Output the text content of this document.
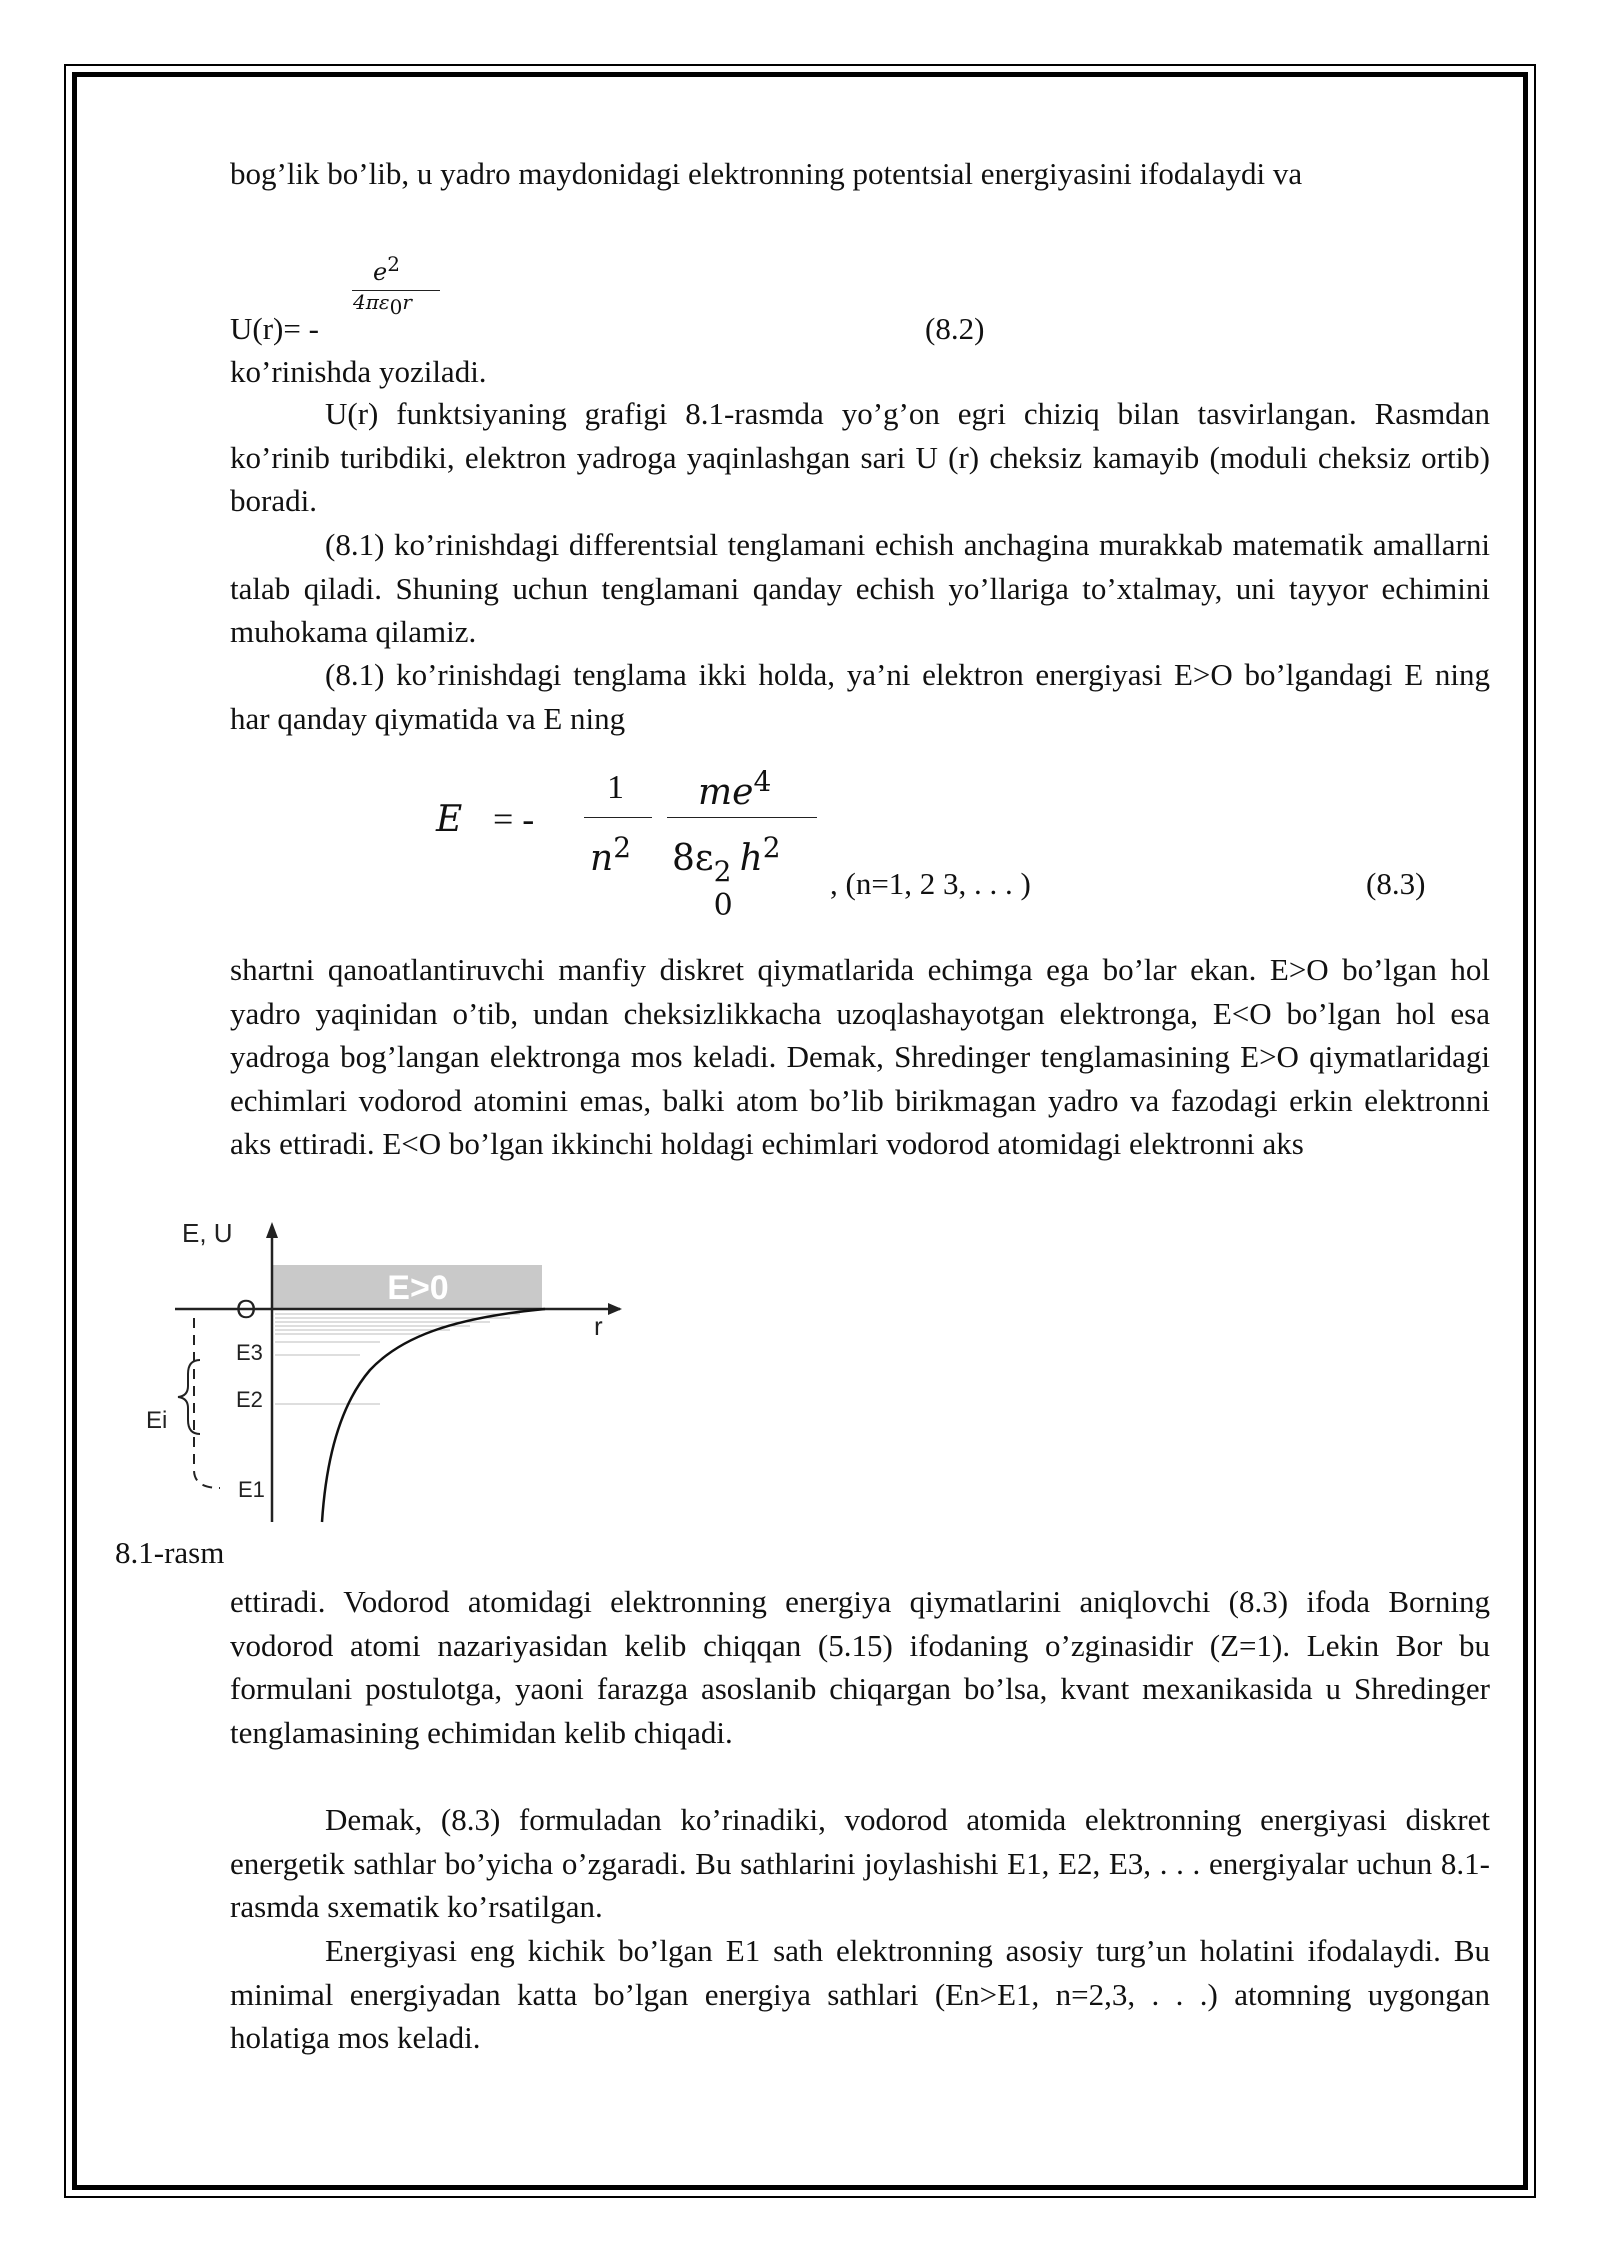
bog’lik bo’lib, u yadro maydonidagi elektronning potentsial energiyasini ifodalaydi va

$e^2$
$4\pi\varepsilon_0r$
U(r)= -	(8.2)
ko’rinishda yoziladi.

U(r) funktsiyaning grafigi 8.1-rasmda yo’g’on egri chiziq bilan tasvirlangan. Rasmdan ko’rinib turibdiki, elektron yadroga yaqinlashgan sari U (r) cheksiz kamayib (moduli cheksiz ortib) boradi.

(8.1) ko’rinishdagi differentsial tenglamani echish anchagina murakkab matematik amallarni talab qiladi. Shuning uchun tenglamani qanday echish yo’llariga to’xtalmay, uni tayyor echimini muhokama qilamiz.

(8.1) ko’rinishdagi tenglama ikki holda, ya’ni elektron energiyasi E>O bo’lgandagi E ning har qanday qiymatida va E ning

E = -
1
$n^2$
$me^4$
8ε 2
0
$h^2$
, (n=1, 2 3, . . . )	(8.3)

shartni qanoatlantiruvchi manfiy diskret qiymatlarida echimga ega bo’lar ekan. E>O bo’lgan hol yadro yaqinidan o’tib, undan cheksizlikkacha uzoqlashayotgan elektronga, E<O bo’lgan hol esa yadroga bog’langan elektronga mos keladi. Demak, Shredinger tenglamasining E>O qiymatlaridagi echimlari vodorod atomini emas, balki atom bo’lib birikmagan yadro va fazodagi erkin elektronni aks ettiradi. E<O bo’lgan ikkinchi holdagi echimlari vodorod atomidagi elektronni aks

E>0
E, U
r
O
E3
E2
E1
Ei
8.1-rasm

ettiradi. Vodorod atomidagi elektronning energiya qiymatlarini aniqlovchi (8.3) ifoda Borning vodorod atomi nazariyasidan kelib chiqqan (5.15) ifodaning o’zginasidir (Z=1). Lekin Bor bu formulani postulotga, yaoni farazga asoslanib chiqargan bo’lsa, kvant mexanikasida u Shredinger tenglamasining echimidan kelib chiqadi.

Demak, (8.3) formuladan ko’rinadiki, vodorod atomida elektronning energiyasi diskret energetik sathlar bo’yicha o’zgaradi. Bu sathlarini joylashishi E1, E2, E3, . . . energiyalar uchun 8.1-rasmda sxematik ko’rsatilgan.

Energiyasi eng kichik bo’lgan E1 sath elektronning asosiy turg’un holatini ifodalaydi. Bu minimal energiyadan katta bo’lgan energiya sathlari (En>E1, n=2,3, . . .) atomning uygongan holatiga mos keladi.
